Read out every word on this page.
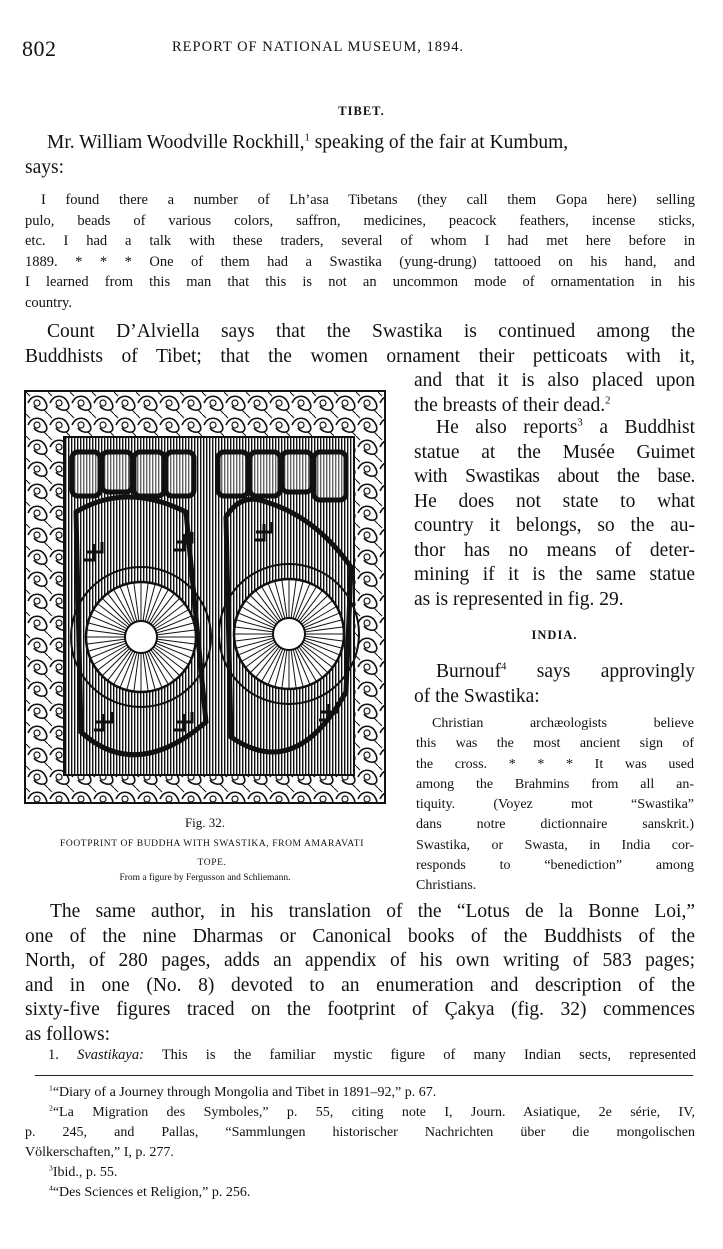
802	REPORT OF NATIONAL MUSEUM, 1894.
TIBET.
Mr. William Woodville Rockhill,$^1$ speaking of the fair at Kumbum,
says:
I found there a number of Lh’asa Tibetans (they call them Gopa here) selling
pulo, beads of various colors, saffron, medicines, peacock feathers, incense sticks,
etc. I had a talk with these traders, several of whom I had met here before in
1889. * * * One of them had a Swastika (yung-drung) tattooed on his hand, and
I learned from this man that this is not an uncommon mode of ornamentation in his
country.
Count D’Alviella says that the Swastika is continued among the
Buddhists of Tibet; that the women ornament their petticoats with it,
and that it is also placed upon
the breasts of their dead.$^2$
He also reports$^3$ a Buddhist
statue at the Musée Guimet
with Swastikas about the base.
He does not state to what
country it belongs, so the au-
thor has no means of deter-
mining if it is the same statue
as is represented in fig. 29.
INDIA.
Burnouf$^4$ says approvingly
of the Swastika:
Christian archæologists believe
this was the most ancient sign of
the cross. * * * It was used
among the Brahmins from all an-
tiquity. (Voyez mot “Swastika”
dans notre dictionnaire sanskrit.)
Swastika, or Swasta, in India cor-
responds to “benediction” among
Christians.
Fig. 32.
FOOTPRINT OF BUDDHA WITH SWASTIKA, FROM AMARAVATI
TOPE.
From a figure by Fergusson and Schliemann.
The same author, in his translation of the “Lotus de la Bonne Loi,”
one of the nine Dharmas or Canonical books of the Buddhists of the
North, of 280 pages, adds an appendix of his own writing of 583 pages;
and in one (No. 8) devoted to an enumeration and description of the
sixty-five figures traced on the footprint of Çakya (fig. 32) commences
as follows:
1. Svastikaya: This is the familiar mystic figure of many Indian sects, represented
$^1$“Diary of a Journey through Mongolia and Tibet in 1891–92,” p. 67.
$^2$“La Migration des Symboles,” p. 55, citing note I, Journ. Asiatique, 2e série, IV,
p. 245, and Pallas, “Sammlungen historischer Nachrichten über die mongolischen
Völkerschaften,” I, p. 277.
$^3$Ibid., p. 55.
$^4$“Des Sciences et Religion,” p. 256.
